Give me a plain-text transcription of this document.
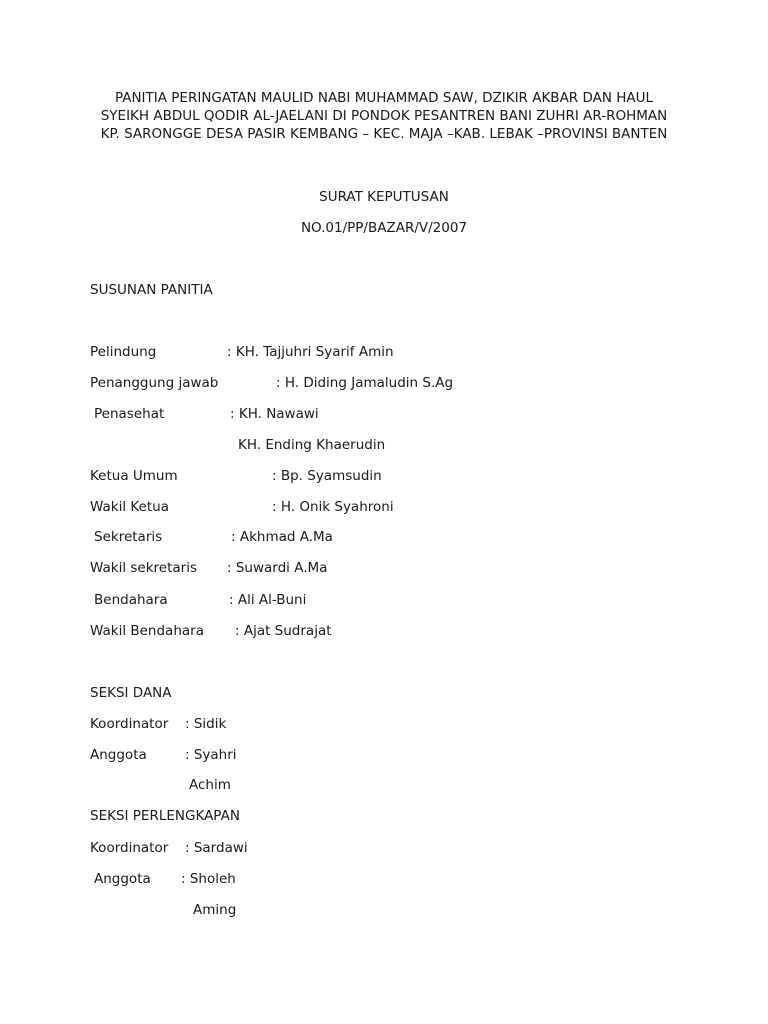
PANITIA PERINGATAN MAULID NABI MUHAMMAD SAW, DZIKIR AKBAR DAN HAUL
SYEIKH ABDUL QODIR AL-JAELANI DI PONDOK PESANTREN BANI ZUHRI AR-ROHMAN
KP. SARONGGE DESA PASIR KEMBANG – KEC. MAJA –KAB. LEBAK –PROVINSI BANTEN
SURAT KEPUTUSAN
NO.01/PP/BAZAR/V/2007
SUSUNAN PANITIA
Pelindung	: KH. Tajjuhri Syarif Amin
Penanggung jawab	: H. Diding Jamaludin S.Ag
Penasehat	: KH. Nawawi
KH. Ending Khaerudin
Ketua Umum	: Bp. Syamsudin
Wakil Ketua	: H. Onik Syahroni
Sekretaris	: Akhmad A.Ma
Wakil sekretaris : Suwardi A.Ma
Bendahara	: Ali Al-Buni
Wakil Bendahara : Ajat Sudrajat
SEKSI DANA
Koordinator : Sidik
Anggota	: Syahri
Achim
SEKSI PERLENGKAPAN
Koordinator : Sardawi
Anggota : Sholeh
Aming
